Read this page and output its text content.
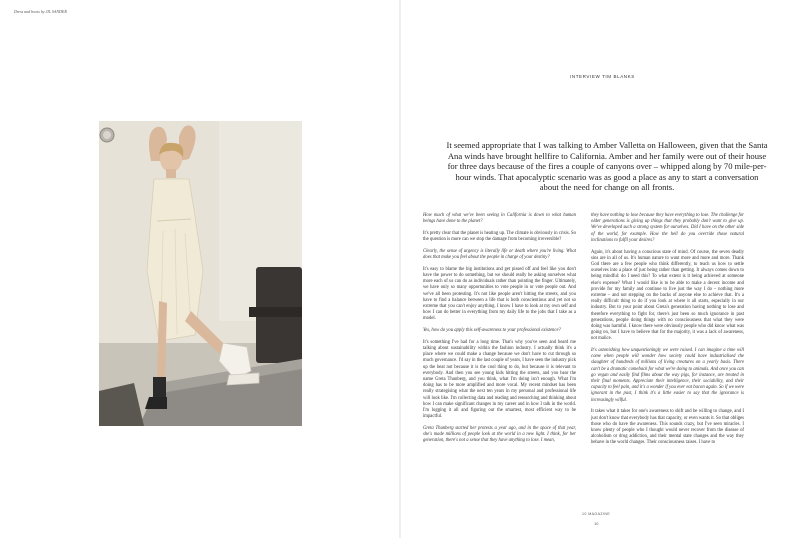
Dress and boots by JIL SANDER
INTERVIEW TIM BLANKS

It seemed appropriate that I was talking to Amber Valletta on Halloween, given that the Santa Ana winds have brought hellfire to California. Amber and her family were out of their house for three days because of the fires a couple of canyons over – whipped along by 70 mile-per-hour winds. That apocalyptic scenario was as good a place as any to start a conversation about the need for change on all fronts.

How much of what we've been seeing in California is down to what human beings have done to the planet?

It's pretty clear that the planet is heating up. The climate is obviously in crisis. So the question is more can we stop the damage from becoming irreversible?

Clearly, the sense of urgency is literally life or death where you're living. What does that make you feel about the people in charge of your destiny?

It's easy to blame the big institutions and get pissed off and feel like you don't have the power to do something, but we should really be asking ourselves what more each of us can do as individuals rather than pointing the finger. Ultimately, we have only so many opportunities to vote people in or vote people out. And we've all been protesting. It's not like people aren't hitting the streets, and you have to find a balance between a life that is both conscientious and yet not so extreme that you can't enjoy anything. I know I have to look at my own self and how I can do better in everything from my daily life to the jobs that I take as a model.

Yes, how do you apply this self-awareness to your professional existence?

It's something I've had for a long time. That's why you've seen and heard me talking about sustainability within the fashion industry. I actually think it's a place where we could make a change because we don't have to cut through so much governance. I'd say in the last couple of years, I have seen the industry pick up the beat not because it is the cool thing to do, but because it is relevant to everybody. And then you see young kids hitting the streets, and you hear the name Greta Thunberg, and you think, what I'm doing isn't enough. What I'm doing has to be more amplified and more vocal. My recent mindset has been really strategising what the next ten years in my personal and professional life will look like. I'm collecting data and reading and researching and thinking about how I can make significant changes in my career and in how I talk in the world. I'm logging it all and figuring out the smartest, most efficient way to be impactful.

Greta Thunberg started her protests a year ago, and in the space of that year, she's made millions of people look at the world in a new light. I think, for her generation, there's not a sense that they have anything to lose. I mean,

they have nothing to lose because they have everything to lose. The challenge for older generations is giving up things that they probably don't want to give up. We've developed such a strong system for ourselves. Did I have on the other side of the world, for example. How the hell do you override those natural inclinations to fulfil your desires?

Again, it's about having a conscious state of mind. Of course, the seven deadly sins are in all of us. It's human nature to want more and more and more. Thank God there are a few people who think differently, to teach us how to settle ourselves into a place of just being rather than getting. It always comes down to being mindful: do I need this? To what extent is it being achieved at someone else's expense? What I would like is to be able to make a decent income and provide for my family and continue to live just the way I do – nothing more extreme – and not stepping on the backs of anyone else to achieve that. It's a really difficult thing to do if you look at where it all starts, especially in our industry. But to your point about Greta's generation having nothing to lose and therefore everything to fight for, there's just been so much ignorance in past generations, people doing things with no consciousness that what they were doing was harmful. I know there were obviously people who did know what was going on, but I have to believe that for the majority, it was a lack of awareness, not malice.

It's astonishing how unquestioningly we were raised. I can imagine a time will come when people will wonder how society could have industrialised the slaughter of hundreds of millions of living creatures on a yearly basis. There can't be a dramatic comeback for what we're doing to animals. And once you can go vegan and easily find films about the way pigs, for instance, are treated in their final moments. Appreciate their intelligence, their sociability, and their capacity to feel pain, and it's a wonder if you ever eat bacon again. So if we were ignorant in the past, I think it's a little easier to say that the ignorance is increasingly wilful.

It takes what it takes for one's awareness to shift and be willing to change, and I just don't know that everybody has that capacity, or even wants it. So that obliges those who do have the awareness. This sounds crazy, but I've seen miracles. I know plenty of people who I thought would never recover from the disease of alcoholism or drug addiction, and their mental state changes and the way they behave in the world changes. Their consciousness raises. I have to

10 MAGAZINE
10
